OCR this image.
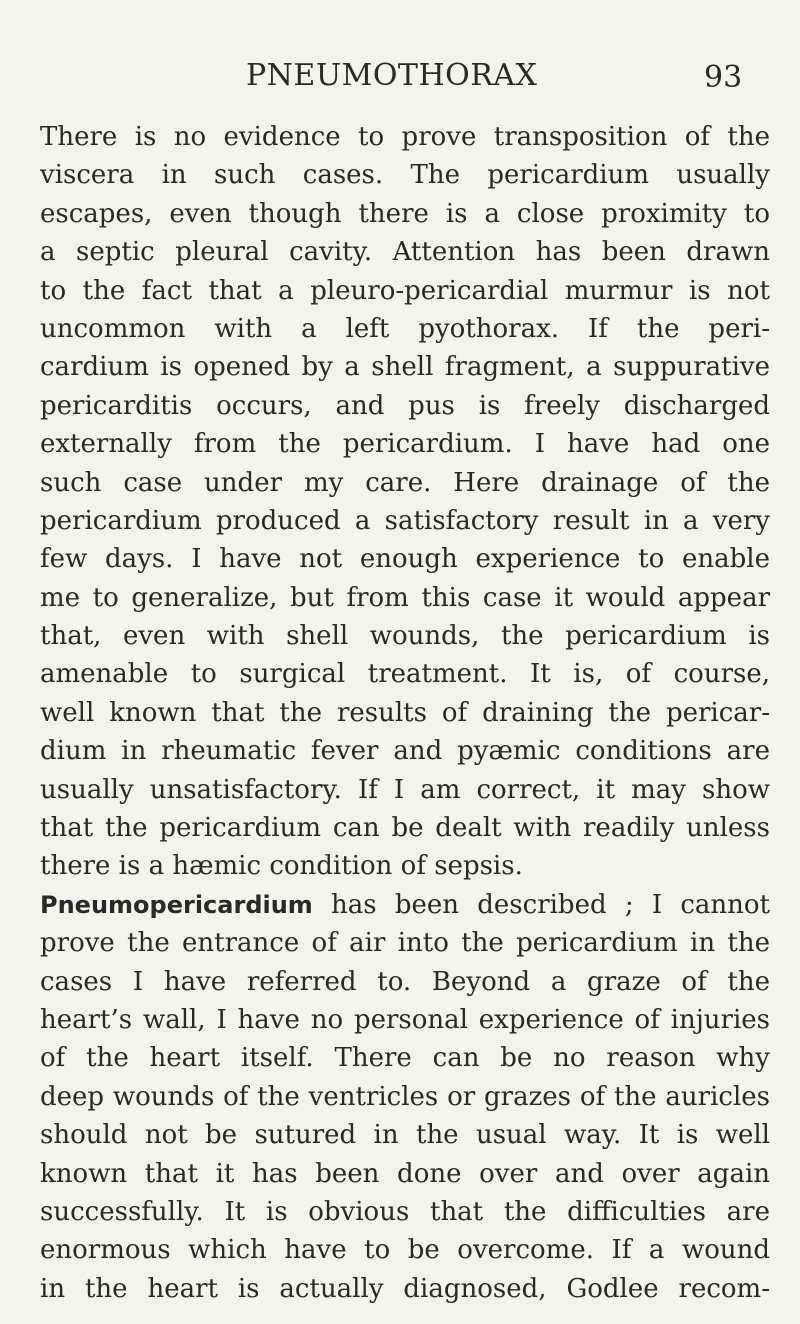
PNEUMOTHORAX	93
There is no evidence to prove transposition of the
viscera in such cases. The pericardium usually
escapes, even though there is a close proximity to
a septic pleural cavity. Attention has been drawn
to the fact that a pleuro-pericardial murmur is not
uncommon with a left pyothorax. If the peri-
cardium is opened by a shell fragment, a suppurative
pericarditis occurs, and pus is freely discharged
externally from the pericardium. I have had one
such case under my care. Here drainage of the
pericardium produced a satisfactory result in a very
few days. I have not enough experience to enable
me to generalize, but from this case it would appear
that, even with shell wounds, the pericardium is
amenable to surgical treatment. It is, of course,
well known that the results of draining the pericar-
dium in rheumatic fever and pyæmic conditions are
usually unsatisfactory. If I am correct, it may show
that the pericardium can be dealt with readily unless
there is a hæmic condition of sepsis.
Pneumopericardium has been described ; I cannot
prove the entrance of air into the pericardium in the
cases I have referred to. Beyond a graze of the
heart’s wall, I have no personal experience of injuries
of the heart itself. There can be no reason why
deep wounds of the ventricles or grazes of the auricles
should not be sutured in the usual way. It is well
known that it has been done over and over again
successfully. It is obvious that the difficulties are
enormous which have to be overcome. If a wound
in the heart is actually diagnosed, Godlee recom-
